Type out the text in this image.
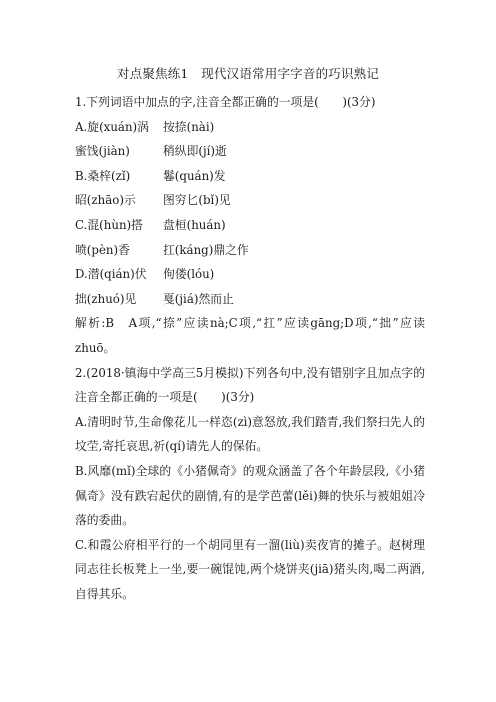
对点聚焦练1　现代汉语常用字字音的巧识熟记
1.下列词语中加点的字,注音全都正确的一项是(　　)(3分)
A.旋(xuán)涡	按捺(nài)
蜜饯(jiàn)	稍纵即(jí)逝
B.桑梓(zǐ)	鬈(quán)发
昭(zhāo)示	图穷匕(bǐ)见
C.混(hùn)搭	盘桓(huán)
喷(pèn)香	扛(káng)鼎之作
D.潜(qián)伏	佝偻(lóu)
拙(zhuó)见	戛(jiá)然而止
解析:B　A项,“捺”应读nà;C项,“扛”应读gāng;D项,“拙”应读zhuō。
2.(2018·镇海中学高三5月模拟)下列各句中,没有错别字且加点字的注音全都正确的一项是(　　)(3分)
A.清明时节,生命像花儿一样恣(zì)意怒放,我们踏青,我们祭扫先人的坟茔,寄托哀思,祈(qí)请先人的保佑。
B.风靡(mǐ)全球的《小猪佩奇》的观众涵盖了各个年龄层段,《小猪佩奇》没有跌宕起伏的剧情,有的是学芭蕾(lěi)舞的快乐与被姐姐冷落的委曲。
C.和霞公府相平行的一个胡同里有一溜(liù)卖夜宵的摊子。赵树理同志往长板凳上一坐,要一碗馄饨,两个烧饼夹(jiā)猪头肉,喝二两酒,自得其乐。
